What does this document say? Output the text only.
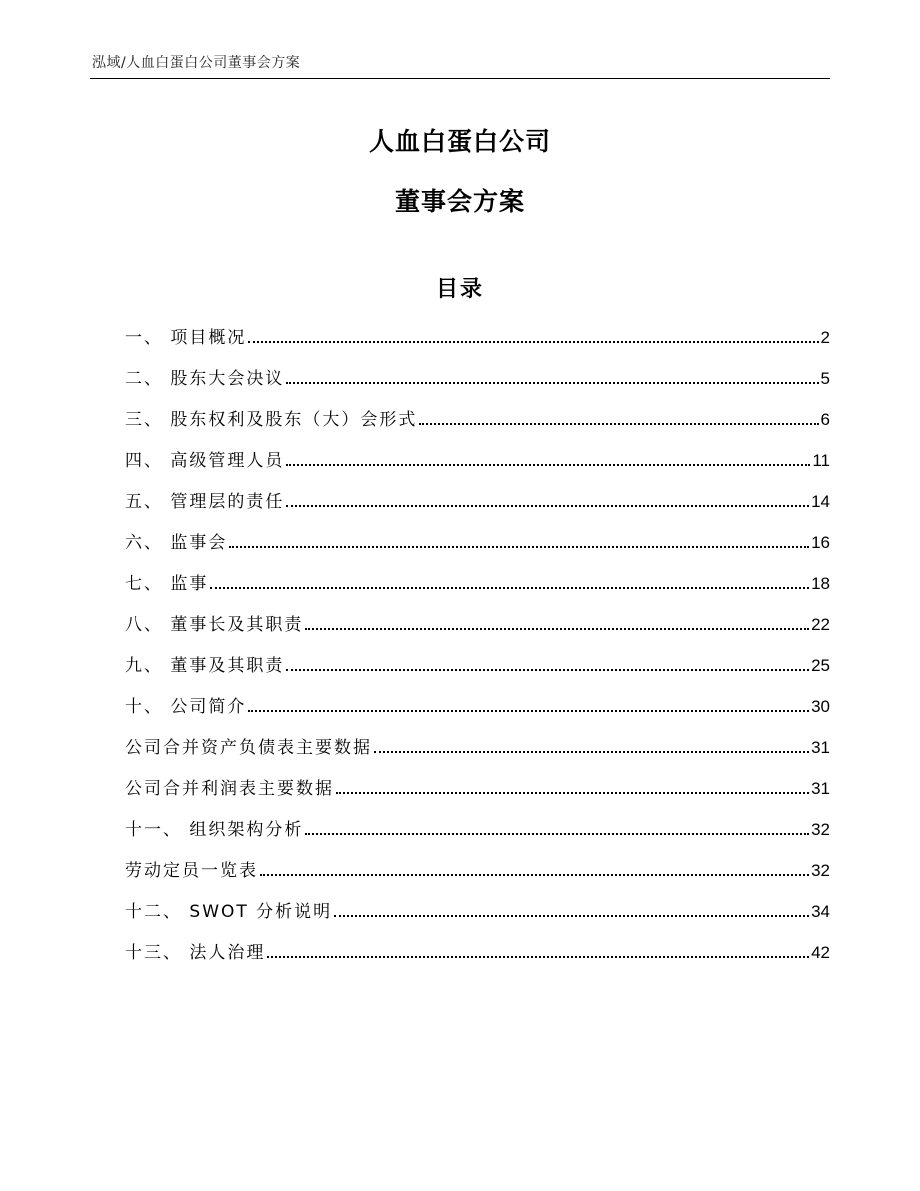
泓域/人血白蛋白公司董事会方案
人血白蛋白公司
董事会方案
目录
一、 项目概况	2
二、 股东大会决议	5
三、 股东权利及股东（大）会形式	6
四、 高级管理人员	11
五、 管理层的责任	14
六、 监事会	16
七、 监事	18
八、 董事长及其职责	22
九、 董事及其职责	25
十、 公司简介	30
公司合并资产负债表主要数据	31
公司合并利润表主要数据	31
十一、 组织架构分析	32
劳动定员一览表	32
十二、 SWOT 分析说明	34
十三、 法人治理	42
